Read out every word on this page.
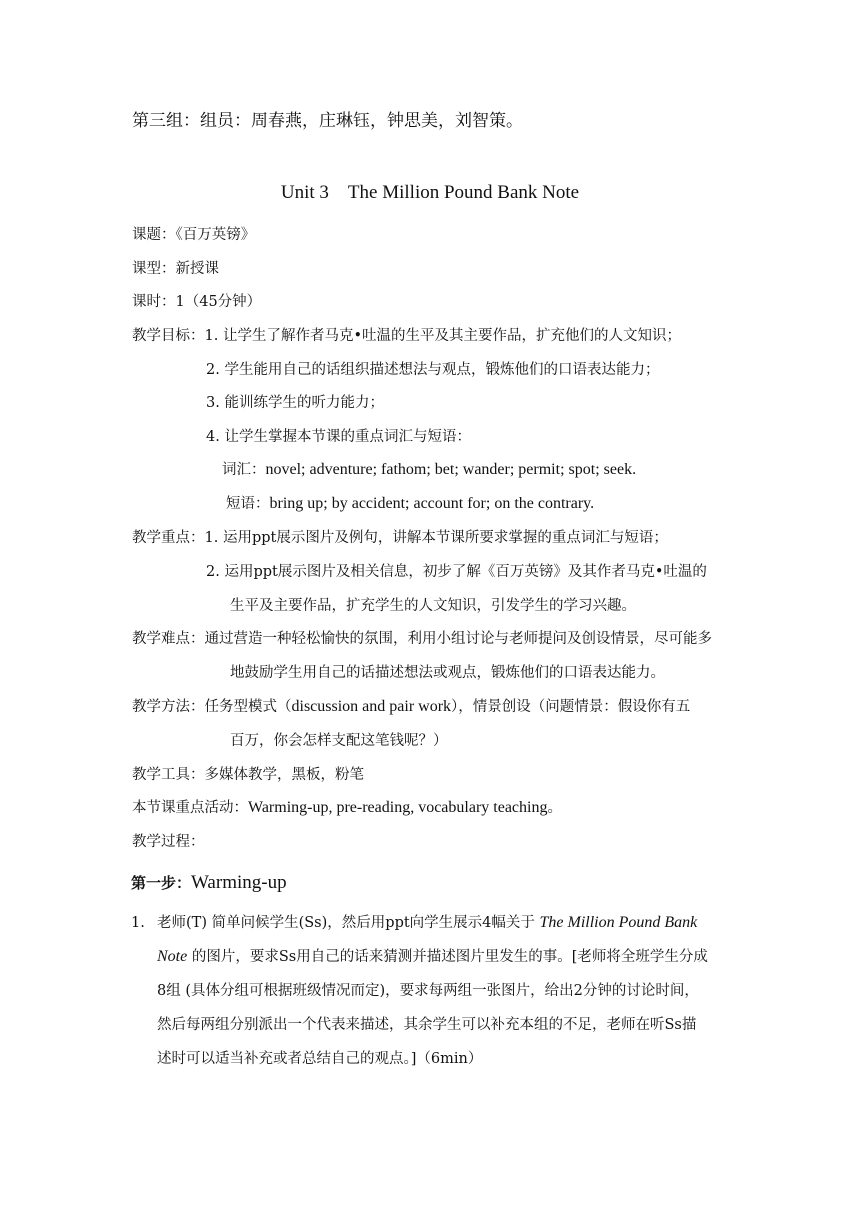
第三组：组员：周春燕，庄琳钰，钟思美，刘智策。
Unit 3　The Million Pound Bank Note
课题：《百万英镑》
课型：新授课
课时：1（45分钟）
教学目标：1. 让学生了解作者马克•吐温的生平及其主要作品，扩充他们的人文知识；
2. 学生能用自己的话组织描述想法与观点，锻炼他们的口语表达能力；
3. 能训练学生的听力能力；
4. 让学生掌握本节课的重点词汇与短语：
词汇：novel; adventure; fathom; bet; wander; permit; spot; seek.
短语：bring up; by accident; account for; on the contrary.
教学重点：1. 运用ppt展示图片及例句，讲解本节课所要求掌握的重点词汇与短语；
2. 运用ppt展示图片及相关信息，初步了解《百万英镑》及其作者马克•吐温的
生平及主要作品，扩充学生的人文知识，引发学生的学习兴趣。
教学难点：通过营造一种轻松愉快的氛围，利用小组讨论与老师提问及创设情景，尽可能多
地鼓励学生用自己的话描述想法或观点，锻炼他们的口语表达能力。
教学方法：任务型模式（discussion and pair work），情景创设（问题情景：假设你有五
百万，你会怎样支配这笔钱呢？）
教学工具：多媒体教学，黑板，粉笔
本节课重点活动：Warming-up, pre-reading, vocabulary teaching。
教学过程：
第一步：Warming-up
1. 老师(T) 简单问候学生(Ss)，然后用ppt向学生展示4幅关于 The Million Pound Bank
Note 的图片，要求Ss用自己的话来猜测并描述图片里发生的事。[老师将全班学生分成
8组 (具体分组可根据班级情况而定)，要求每两组一张图片，给出2分钟的讨论时间，
然后每两组分别派出一个代表来描述，其余学生可以补充本组的不足，老师在听Ss描
述时可以适当补充或者总结自己的观点。]（6min）
